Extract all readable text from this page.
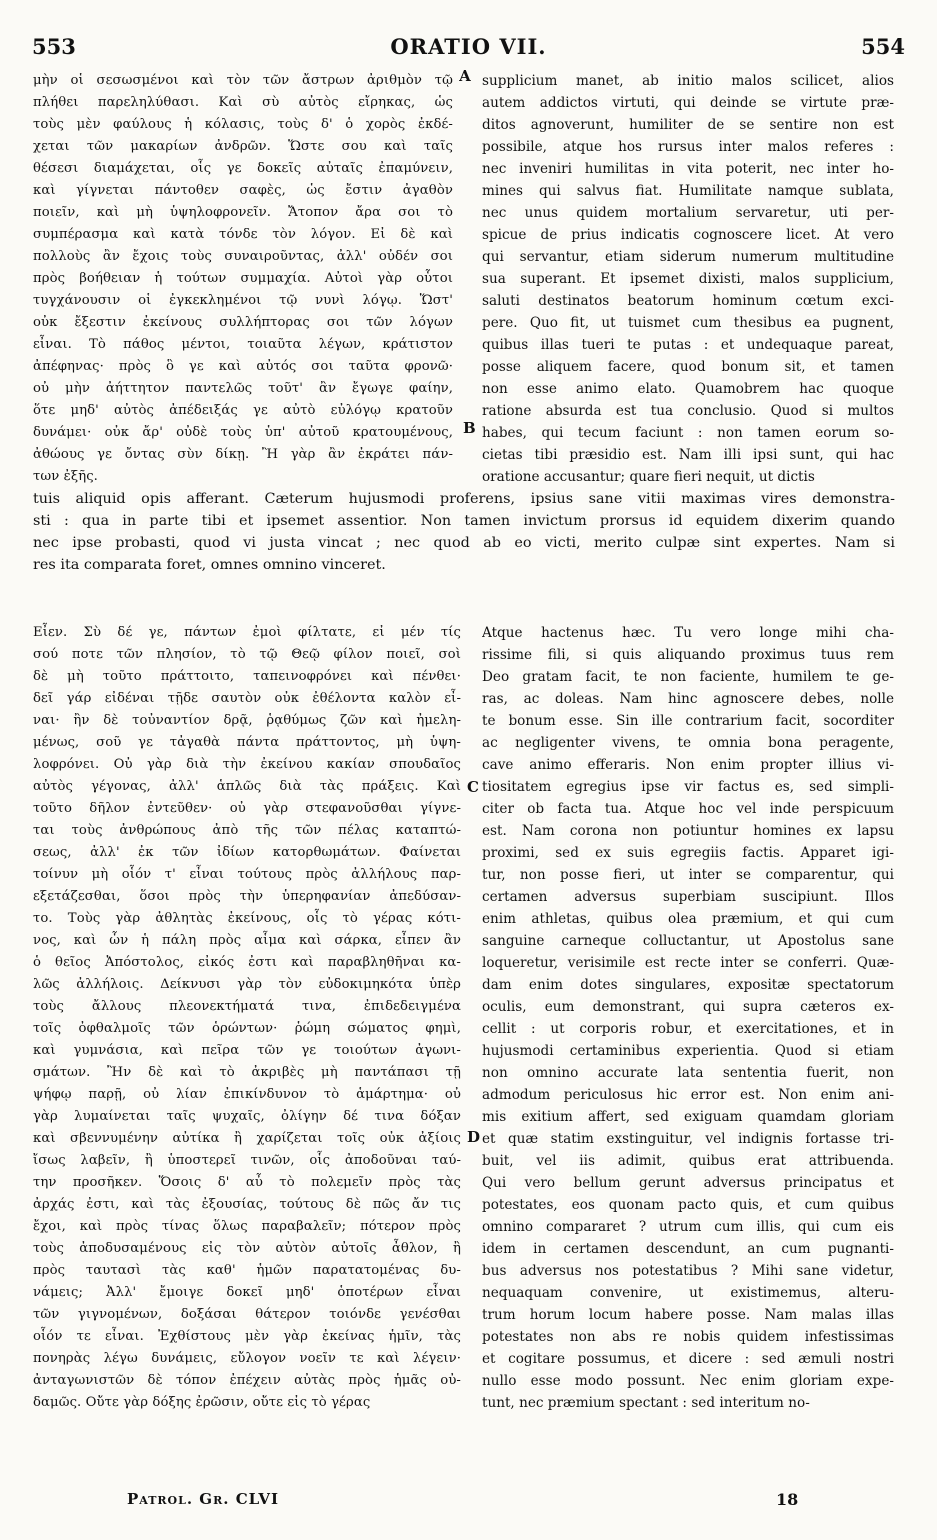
553	ORATIO VII.	554
μὴν οἱ σεσωσμένοι καὶ τὸν τῶν ἄστρων ἀριθμὸν τῷ
πλήθει παρεληλύθασι. Καὶ σὺ αὐτὸς εἴρηκας, ὡς
τοὺς μὲν φαύλους ἡ κόλασις, τοὺς δ' ὁ χορὸς ἐκδέ-
χεται τῶν μακαρίων ἀνδρῶν. Ὥστε σου καὶ ταῖς
θέσεσι διαμάχεται, οἷς γε δοκεῖς αὐταῖς ἐπαμύνειν,
καὶ γίγνεται πάντοθεν σαφὲς, ὡς ἔστιν ἀγαθὸν
ποιεῖν, καὶ μὴ ὑψηλοφρονεῖν. Ἄτοπον ἄρα σοι τὸ
συμπέρασμα καὶ κατὰ τόνδε τὸν λόγον. Εἰ δὲ καὶ
πολλοὺς ἂν ἔχοις τοὺς συναιροῦντας, ἀλλ' οὐδέν σοι
πρὸς βοήθειαν ἡ τούτων συμμαχία. Αὐτοὶ γὰρ οὗτοι
τυγχάνουσιν οἱ ἐγκεκλημένοι τῷ νυνὶ λόγῳ. Ὥστ'
οὐκ ἔξεστιν ἐκείνους συλλήπτορας σοι τῶν λόγων
εἶναι. Τὸ πάθος μέντοι, τοιαῦτα λέγων, κράτιστον
ἀπέφηνας· πρὸς ὃ γε καὶ αὐτός σοι ταῦτα φρονῶ·
οὐ μὴν ἀήττητον παντελῶς τοῦτ' ἂν ἔγωγε φαίην,
ὅτε μηδ' αὐτὸς ἀπέδειξάς γε αὐτὸ εὐλόγῳ κρατοῦν
δυνάμει· οὐκ ἄρ' οὐδὲ τοὺς ὑπ' αὐτοῦ κρατουμένους,
ἀθώους γε ὄντας σὺν δίκῃ. Ἢ γὰρ ἂν ἐκράτει πάν-
των ἐξῆς.
supplicium manet, ab initio malos scilicet, alios
autem addictos virtuti, qui deinde se virtute præ-
ditos agnoverunt, humiliter de se sentire non est
possibile, atque hos rursus inter malos referes :
nec inveniri humilitas in vita poterit, nec inter ho-
mines qui salvus fiat. Humilitate namque sublata,
nec unus quidem mortalium servaretur, uti per-
spicue de prius indicatis cognoscere licet. At vero
qui servantur, etiam siderum numerum multitudine
sua superant. Et ipsemet dixisti, malos supplicium,
saluti destinatos beatorum hominum cœtum exci-
pere. Quo fit, ut tuismet cum thesibus ea pugnent,
quibus illas tueri te putas : et undequaque pareat,
posse aliquem facere, quod bonum sit, et tamen
non esse animo elato. Quamobrem hac quoque
ratione absurda est tua conclusio. Quod si multos
habes, qui tecum faciunt : non tamen eorum so-
cietas tibi præsidio est. Nam illi ipsi sunt, qui hac
oratione accusantur; quare fieri nequit, ut dictis
tuis aliquid opis afferant. Cæterum hujusmodi proferens, ipsius sane vitii maximas vires demonstra-
sti : qua in parte tibi et ipsemet assentior. Non tamen invictum prorsus id equidem dixerim quando
nec ipse probasti, quod vi justa vincat ; nec quod ab eo victi, merito culpæ sint expertes. Nam si
res ita comparata foret, omnes omnino vinceret.
Εἶεν. Σὺ δέ γε, πάντων ἐμοὶ φίλτατε, εἰ μέν τίς
σού ποτε τῶν πλησίον, τὸ τῷ Θεῷ φίλον ποιεῖ, σοὶ
δὲ μὴ τοῦτο πράττοιτο, ταπεινοφρόνει καὶ πένθει·
δεῖ γάρ εἰδέναι τῇδε σαυτὸν οὐκ ἐθέλοντα καλὸν εἶ-
ναι· ἢν δὲ τοὐναντίον δρᾷ, ῥᾳθύμως ζῶν καὶ ἠμελη-
μένως, σοῦ γε τἀγαθὰ πάντα πράττοντος, μὴ ὑψη-
λοφρόνει. Οὐ γὰρ διὰ τὴν ἐκείνου κακίαν σπουδαῖος
αὐτὸς γέγονας, ἀλλ' ἁπλῶς διὰ τὰς πράξεις. Καὶ
τοῦτο δῆλον ἐντεῦθεν· οὐ γὰρ στεφανοῦσθαι γίγνε-
ται τοὺς ἀνθρώπους ἀπὸ τῆς τῶν πέλας καταπτώ-
σεως, ἀλλ' ἐκ τῶν ἰδίων κατορθωμάτων. Φαίνεται
τοίνυν μὴ οἷόν τ' εἶναι τούτους πρὸς ἀλλήλους παρ-
εξετάζεσθαι, ὅσοι πρὸς τὴν ὑπερηφανίαν ἀπεδύσαν-
το. Τοὺς γὰρ ἀθλητὰς ἐκείνους, οἷς τὸ γέρας κότι-
νος, καὶ ὧν ἡ πάλη πρὸς αἷμα καὶ σάρκα, εἶπεν ἂν
ὁ θεῖος Ἀπόστολος, εἰκός ἐστι καὶ παραβληθῆναι κα-
λῶς ἀλλήλοις. Δείκνυσι γὰρ τὸν εὐδοκιμηκότα ὑπὲρ
τοὺς ἄλλους πλεονεκτήματά τινα, ἐπιδεδειγμένα
τοῖς ὀφθαλμοῖς τῶν ὁρώντων· ῥώμη σώματος φημὶ,
καὶ γυμνάσια, καὶ πεῖρα τῶν γε τοιούτων ἀγωνι-
σμάτων. Ἢν δὲ καὶ τὸ ἀκριβὲς μὴ παντάπασι τῇ
ψήφῳ παρῇ, οὐ λίαν ἐπικίνδυνον τὸ ἁμάρτημα· οὐ
γὰρ λυμαίνεται ταῖς ψυχαῖς, ὀλίγην δέ τινα δόξαν
καὶ σβεννυμένην αὐτίκα ἢ χαρίζεται τοῖς οὐκ ἀξίοις
ἴσως λαβεῖν, ἢ ὑποστερεῖ τινῶν, οἷς ἀποδοῦναι ταύ-
την προσῆκεν. Ὅσοις δ' αὖ τὸ πολεμεῖν πρὸς τὰς
ἀρχάς ἐστι, καὶ τὰς ἐξουσίας, τούτους δὲ πῶς ἄν τις
ἔχοι, καὶ πρὸς τίνας ὅλως παραβαλεῖν; πότερον πρὸς
τοὺς ἀποδυσαμένους εἰς τὸν αὐτὸν αὐτοῖς ἆθλον, ἢ
πρὸς ταυτασὶ τὰς καθ' ἡμῶν παρατατομένας δυ-
νάμεις; Ἀλλ' ἔμοιγε δοκεῖ μηδ' ὁποτέρων εἶναι
τῶν γιγνομένων, δοξάσαι θάτερον τοιόνδε γενέσθαι
οἷόν τε εἶναι. Ἐχθίστους μὲν γὰρ ἐκείνας ἡμῖν, τὰς
πονηρὰς λέγω δυνάμεις, εὔλογον νοεῖν τε καὶ λέγειν·
ἀνταγωνιστῶν δὲ τόπον ἐπέχειν αὐτὰς πρὸς ἡμᾶς οὐ-
δαμῶς. Οὔτε γὰρ δόξης ἐρῶσιν, οὔτε εἰς τὸ γέρας
Atque hactenus hæc. Tu vero longe mihi cha-
rissime fili, si quis aliquando proximus tuus rem
Deo gratam facit, te non faciente, humilem te ge-
ras, ac doleas. Nam hinc agnoscere debes, nolle
te bonum esse. Sin ille contrarium facit, socorditer
ac negligenter vivens, te omnia bona peragente,
cave animo efferaris. Non enim propter illius vi-
tiositatem egregius ipse vir factus es, sed simpli-
citer ob facta tua. Atque hoc vel inde perspicuum
est. Nam corona non potiuntur homines ex lapsu
proximi, sed ex suis egregiis factis. Apparet igi-
tur, non posse fieri, ut inter se comparentur, qui
certamen adversus superbiam suscipiunt. Illos
enim athletas, quibus olea præmium, et qui cum
sanguine carneque colluctantur, ut Apostolus sane
loqueretur, verisimile est recte inter se conferri. Quæ-
dam enim dotes singulares, expositæ spectatorum
oculis, eum demonstrant, qui supra cæteros ex-
cellit : ut corporis robur, et exercitationes, et in
hujusmodi certaminibus experientia. Quod si etiam
non omnino accurate lata sententia fuerit, non
admodum periculosus hic error est. Non enim ani-
mis exitium affert, sed exiguam quamdam gloriam
et quæ statim exstinguitur, vel indignis fortasse tri-
buit, vel iis adimit, quibus erat attribuenda.
Qui vero bellum gerunt adversus principatus et
potestates, eos quonam pacto quis, et cum quibus
omnino compararet ? utrum cum illis, qui cum eis
idem in certamen descendunt, an cum pugnanti-
bus adversus nos potestatibus ? Mihi sane videtur,
nequaquam convenire, ut existimemus, alteru-
trum horum locum habere posse. Nam malas illas
potestates non abs re nobis quidem infestissimas
et cogitare possumus, et dicere : sed æmuli nostri
nullo esse modo possunt. Nec enim gloriam expe-
tunt, nec præmium spectant : sed interitum no-
A
B
C
D
Patrol. Gr. CLVI	18
